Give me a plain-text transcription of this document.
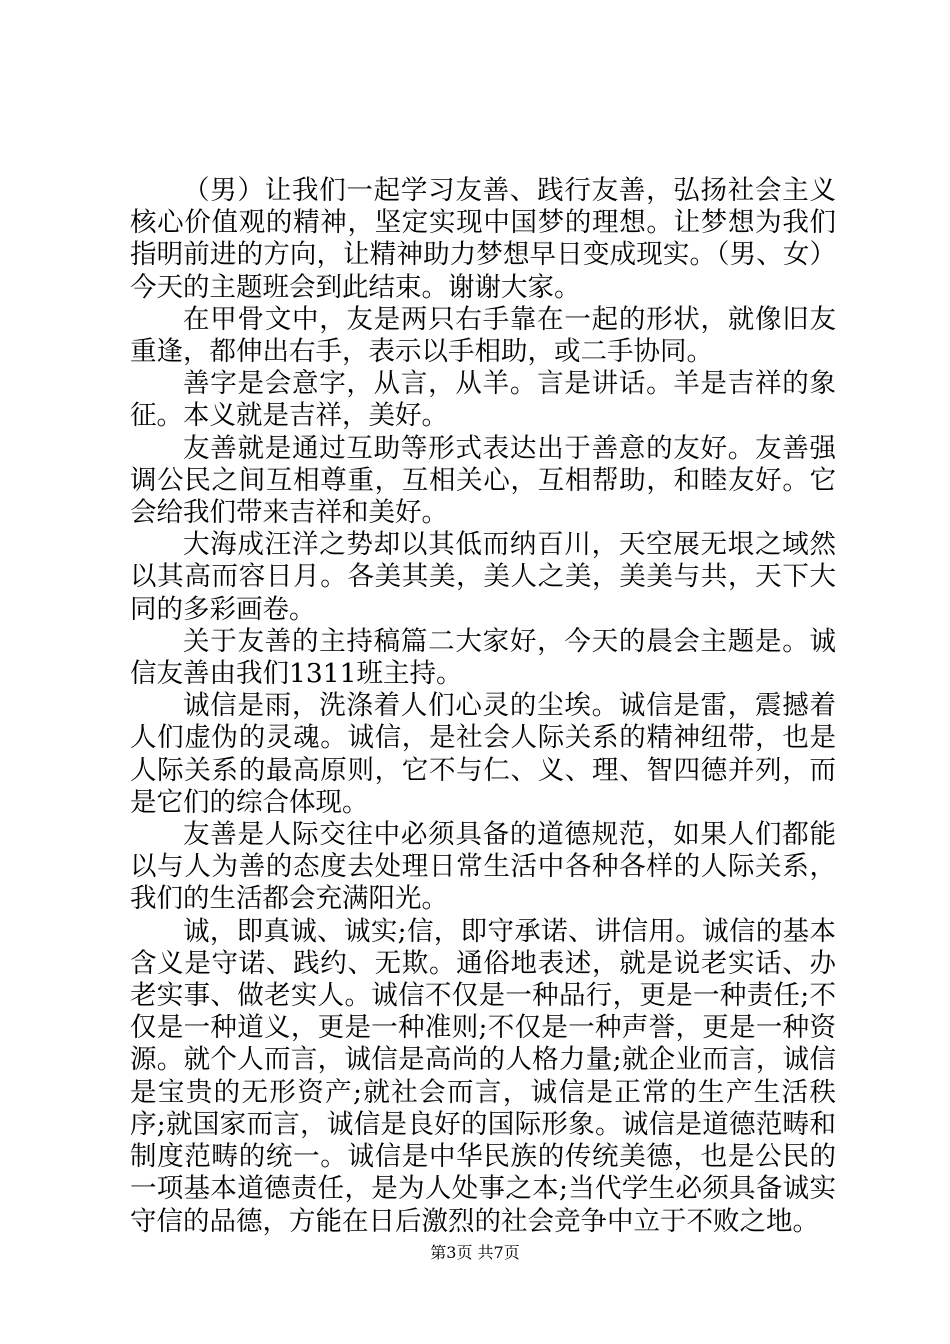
（男）让我们一起学习友善、践行友善，弘扬社会主义核心价值观的精神，坚定实现中国梦的理想。让梦想为我们指明前进的方向，让精神助力梦想早日变成现实。（男、女）今天的主题班会到此结束。谢谢大家。

在甲骨文中，友是两只右手靠在一起的形状，就像旧友重逢，都伸出右手，表示以手相助，或二手协同。

善字是会意字，从言，从羊。言是讲话。羊是吉祥的象征。本义就是吉祥，美好。

友善就是通过互助等形式表达出于善意的友好。友善强调公民之间互相尊重，互相关心，互相帮助，和睦友好。它会给我们带来吉祥和美好。

大海成汪洋之势却以其低而纳百川，天空展无垠之域然以其高而容日月。各美其美，美人之美，美美与共，天下大同的多彩画卷。

关于友善的主持稿篇二大家好，今天的晨会主题是。诚信友善由我们1311班主持。

诚信是雨，洗涤着人们心灵的尘埃。诚信是雷，震撼着人们虚伪的灵魂。诚信，是社会人际关系的精神纽带，也是人际关系的最高原则，它不与仁、义、理、智四德并列，而是它们的综合体现。

友善是人际交往中必须具备的道德规范，如果人们都能以与人为善的态度去处理日常生活中各种各样的人际关系，我们的生活都会充满阳光。

诚，即真诚、诚实;信，即守承诺、讲信用。诚信的基本含义是守诺、践约、无欺。通俗地表述，就是说老实话、办老实事、做老实人。诚信不仅是一种品行，更是一种责任;不仅是一种道义，更是一种准则;不仅是一种声誉，更是一种资源。就个人而言，诚信是高尚的人格力量;就企业而言，诚信是宝贵的无形资产;就社会而言，诚信是正常的生产生活秩序;就国家而言，诚信是良好的国际形象。诚信是道德范畴和制度范畴的统一。诚信是中华民族的传统美德，也是公民的一项基本道德责任，是为人处事之本;当代学生必须具备诚实守信的品德，方能在日后激烈的社会竞争中立于不败之地。

第3页 共7页
